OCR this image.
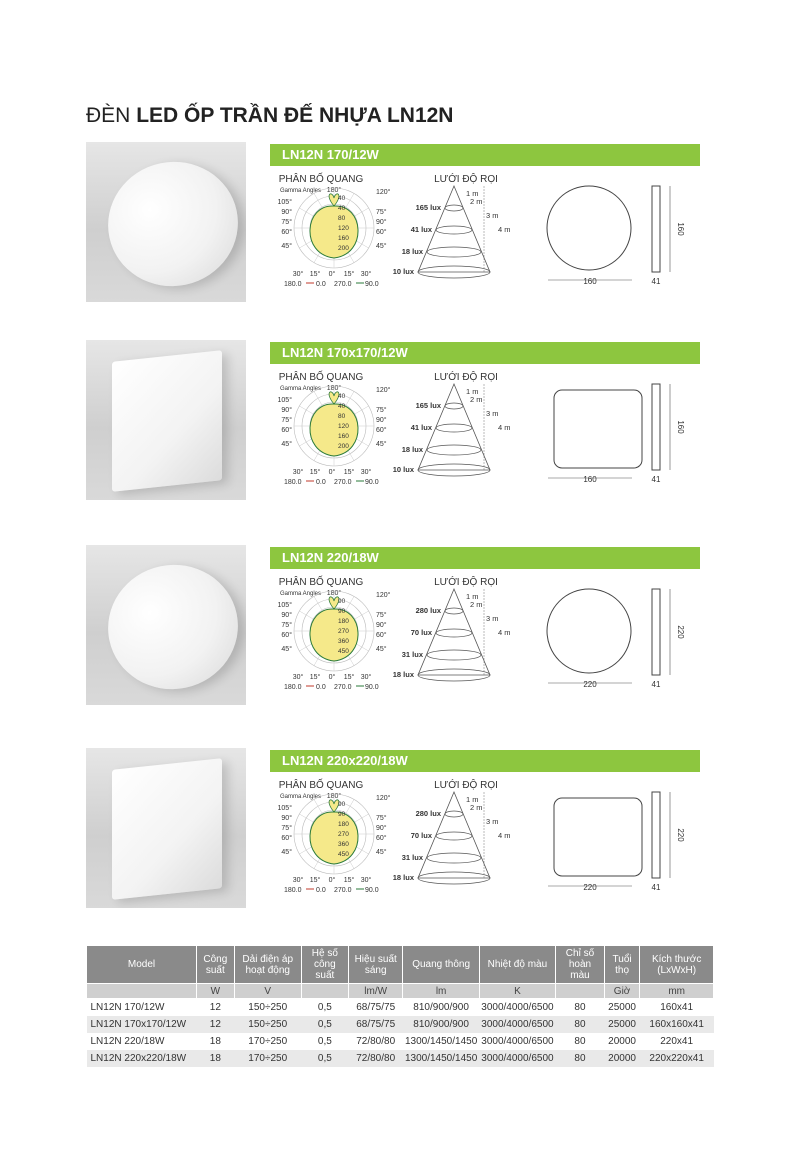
ĐÈN LED ỐP TRẦN ĐẾ NHỰA LN12N
LN12N 170/12W
PHÂN BỐ QUANG	LƯỚI ĐỘ RỌI
Gamma Angles 180°
40
40
80
120
160
200
105°
90°
75°
60°
45°
120°
75°
90°
60°
45°
30° 15° 0° 15° 30°
180.0 0.0 270.0 90.0
165 lux
41 lux
18 lux
10 lux
1 m
2 m
3 m
4 m
160
160
41
LN12N 170x170/12W
PHÂN BỐ QUANG	LƯỚI ĐỘ RỌI
Gamma Angles 180°
40
40
80
120
160
200
105°
90°
75°
60°
45°
120°
75°
90°
60°
45°
30° 15° 0° 15° 30°
180.0 0.0 270.0 90.0
165 lux
41 lux
18 lux
10 lux
1 m
2 m
3 m
4 m
160
160
41
LN12N 220/18W
PHÂN BỐ QUANG	LƯỚI ĐỘ RỌI
Gamma Angles 180°
90
90
180
270
360
450
105°
90°
75°
60°
45°
120°
75°
90°
60°
45°
30° 15° 0° 15° 30°
180.0 0.0 270.0 90.0
280 lux
70 lux
31 lux
18 lux
1 m
2 m
3 m
4 m
220
220
41
LN12N 220x220/18W
PHÂN BỐ QUANG	LƯỚI ĐỘ RỌI
Gamma Angles 180°
90
90
180
270
360
450
105°
90°
75°
60°
45°
120°
75°
90°
60°
45°
30° 15° 0° 15° 30°
180.0 0.0 270.0 90.0
280 lux
70 lux
31 lux
18 lux
1 m
2 m
3 m
4 m
220
220
41
Model	Công suất	Dải điện áp hoạt động	Hệ số công suất	Hiệu suất sáng	Quang thông	Nhiệt độ màu	Chỉ số hoàn màu	Tuổi thọ	Kích thước (LxWxH)
	W	V		lm/W	lm	K		Giờ	mm
LN12N 170/12W	12	150÷250	0,5	68/75/75	810/900/900	3000/4000/6500	80	25000	160x41
LN12N 170x170/12W	12	150÷250	0,5	68/75/75	810/900/900	3000/4000/6500	80	25000	160x160x41
LN12N 220/18W	18	170÷250	0,5	72/80/80	1300/1450/1450	3000/4000/6500	80	20000	220x41
LN12N 220x220/18W	18	170÷250	0,5	72/80/80	1300/1450/1450	3000/4000/6500	80	20000	220x220x41
